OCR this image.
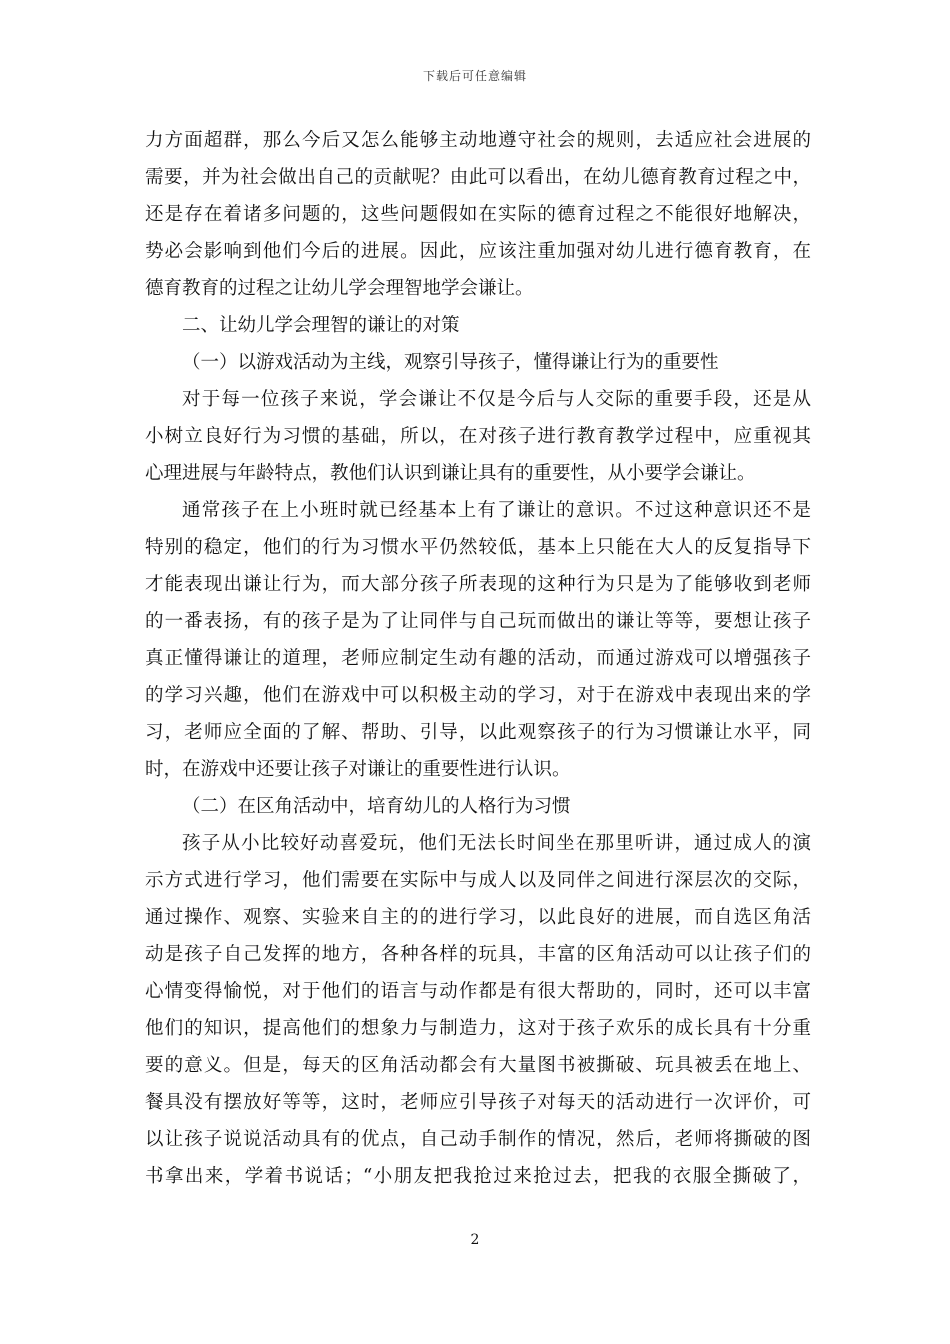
下载后可任意编辑
力方面超群，那么今后又怎么能够主动地遵守社会的规则，去适应社会进展的
需要，并为社会做出自己的贡献呢？由此可以看出，在幼儿德育教育过程之中，
还是存在着诸多问题的，这些问题假如在实际的德育过程之不能很好地解决，
势必会影响到他们今后的进展。因此，应该注重加强对幼儿进行德育教育，在
德育教育的过程之让幼儿学会理智地学会谦让。
二、让幼儿学会理智的谦让的对策
（一）以游戏活动为主线，观察引导孩子，懂得谦让行为的重要性
对于每一位孩子来说，学会谦让不仅是今后与人交际的重要手段，还是从
小树立良好行为习惯的基础，所以，在对孩子进行教育教学过程中，应重视其
心理进展与年龄特点，教他们认识到谦让具有的重要性，从小要学会谦让。
通常孩子在上小班时就已经基本上有了谦让的意识。不过这种意识还不是
特别的稳定，他们的行为习惯水平仍然较低，基本上只能在大人的反复指导下
才能表现出谦让行为，而大部分孩子所表现的这种行为只是为了能够收到老师
的一番表扬，有的孩子是为了让同伴与自己玩而做出的谦让等等，要想让孩子
真正懂得谦让的道理，老师应制定生动有趣的活动，而通过游戏可以增强孩子
的学习兴趣，他们在游戏中可以积极主动的学习，对于在游戏中表现出来的学
习，老师应全面的了解、帮助、引导，以此观察孩子的行为习惯谦让水平，同
时，在游戏中还要让孩子对谦让的重要性进行认识。
（二）在区角活动中，培育幼儿的人格行为习惯
孩子从小比较好动喜爱玩，他们无法长时间坐在那里听讲，通过成人的演
示方式进行学习，他们需要在实际中与成人以及同伴之间进行深层次的交际，
通过操作、观察、实验来自主的的进行学习，以此良好的进展，而自选区角活
动是孩子自己发挥的地方，各种各样的玩具，丰富的区角活动可以让孩子们的
心情变得愉悦，对于他们的语言与动作都是有很大帮助的，同时，还可以丰富
他们的知识，提高他们的想象力与制造力，这对于孩子欢乐的成长具有十分重
要的意义。但是，每天的区角活动都会有大量图书被撕破、玩具被丢在地上、
餐具没有摆放好等等，这时，老师应引导孩子对每天的活动进行一次评价，可
以让孩子说说活动具有的优点，自己动手制作的情况，然后，老师将撕破的图
书拿出来，学着书说话；“小朋友把我抢过来抢过去，把我的衣服全撕破了，
2
